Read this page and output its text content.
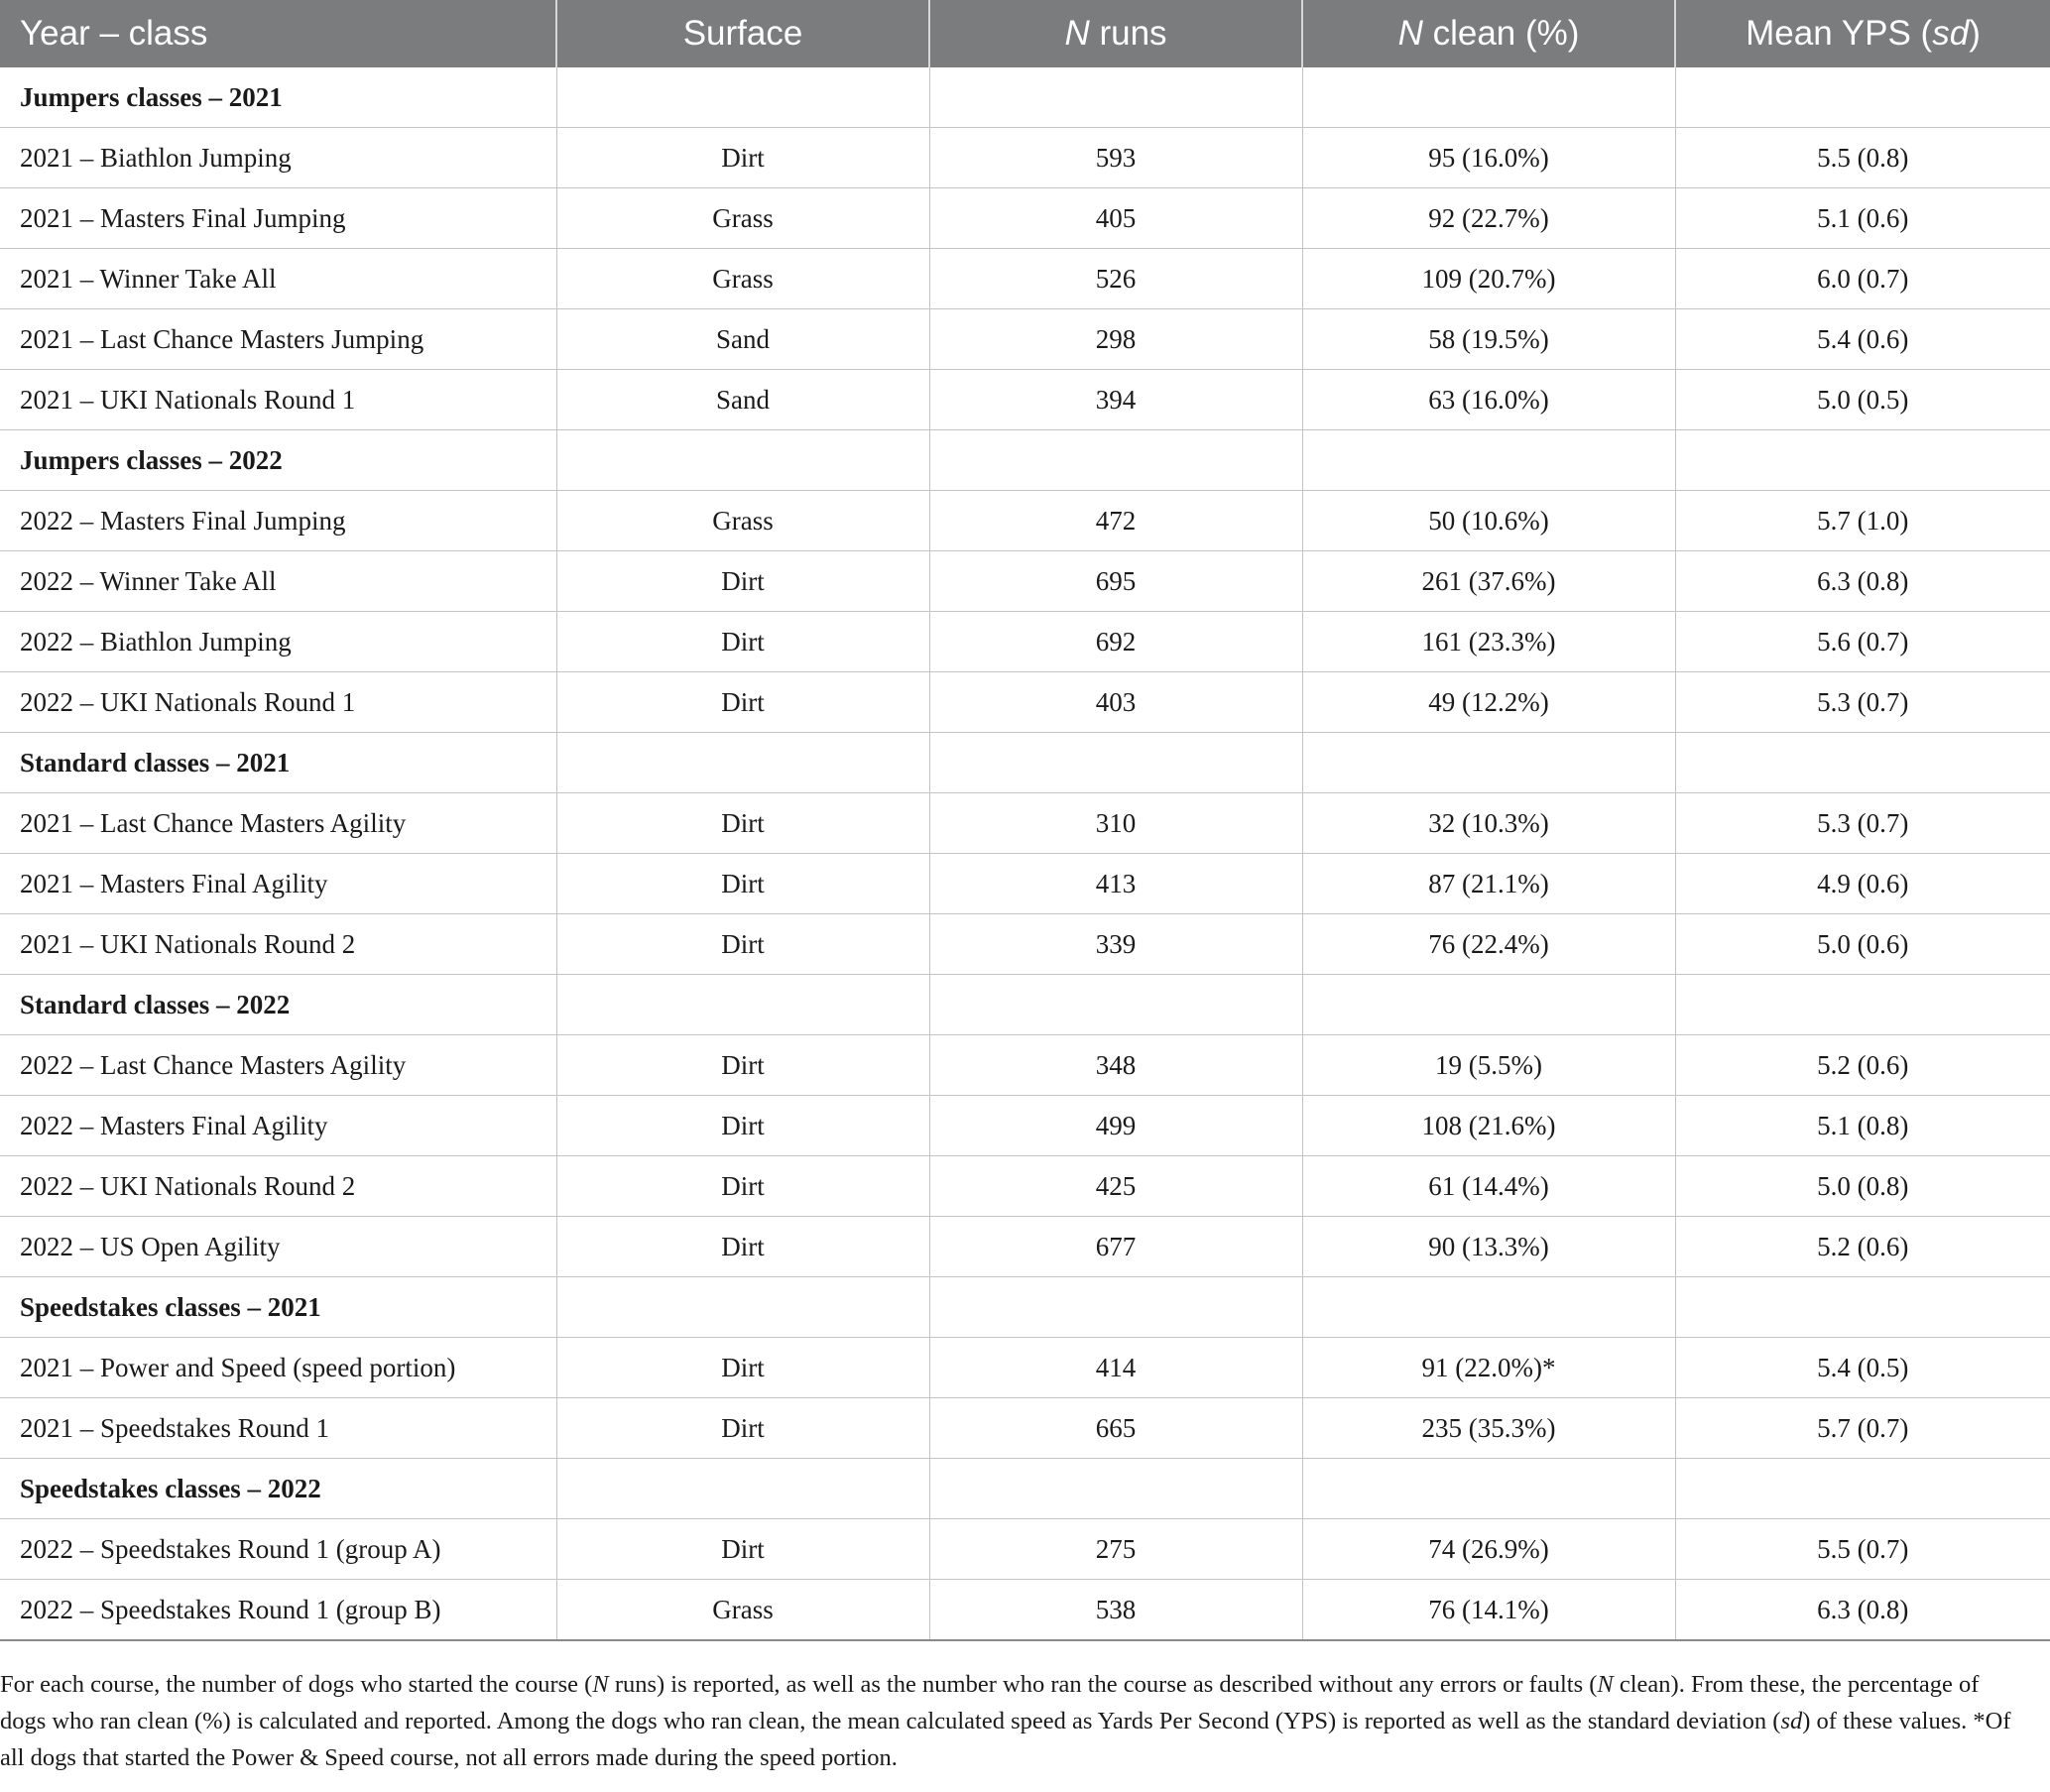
Year – class	Surface	N runs	N clean (%)	Mean YPS (sd)
Jumpers classes – 2021				
2021 – Biathlon Jumping	Dirt	593	95 (16.0%)	5.5 (0.8)
2021 – Masters Final Jumping	Grass	405	92 (22.7%)	5.1 (0.6)
2021 – Winner Take All	Grass	526	109 (20.7%)	6.0 (0.7)
2021 – Last Chance Masters Jumping	Sand	298	58 (19.5%)	5.4 (0.6)
2021 – UKI Nationals Round 1	Sand	394	63 (16.0%)	5.0 (0.5)
Jumpers classes – 2022				
2022 – Masters Final Jumping	Grass	472	50 (10.6%)	5.7 (1.0)
2022 – Winner Take All	Dirt	695	261 (37.6%)	6.3 (0.8)
2022 – Biathlon Jumping	Dirt	692	161 (23.3%)	5.6 (0.7)
2022 – UKI Nationals Round 1	Dirt	403	49 (12.2%)	5.3 (0.7)
Standard classes – 2021				
2021 – Last Chance Masters Agility	Dirt	310	32 (10.3%)	5.3 (0.7)
2021 – Masters Final Agility	Dirt	413	87 (21.1%)	4.9 (0.6)
2021 – UKI Nationals Round 2	Dirt	339	76 (22.4%)	5.0 (0.6)
Standard classes – 2022				
2022 – Last Chance Masters Agility	Dirt	348	19 (5.5%)	5.2 (0.6)
2022 – Masters Final Agility	Dirt	499	108 (21.6%)	5.1 (0.8)
2022 – UKI Nationals Round 2	Dirt	425	61 (14.4%)	5.0 (0.8)
2022 – US Open Agility	Dirt	677	90 (13.3%)	5.2 (0.6)
Speedstakes classes – 2021				
2021 – Power and Speed (speed portion)	Dirt	414	91 (22.0%)*	5.4 (0.5)
2021 – Speedstakes Round 1	Dirt	665	235 (35.3%)	5.7 (0.7)
Speedstakes classes – 2022				
2022 – Speedstakes Round 1 (group A)	Dirt	275	74 (26.9%)	5.5 (0.7)
2022 – Speedstakes Round 1 (group B)	Grass	538	76 (14.1%)	6.3 (0.8)

For each course, the number of dogs who started the course (N runs) is reported, as well as the number who ran the course as described without any errors or faults (N clean). From these, the percentage of dogs who ran clean (%) is calculated and reported. Among the dogs who ran clean, the mean calculated speed as Yards Per Second (YPS) is reported as well as the standard deviation (sd) of these values. *Of all dogs that started the Power & Speed course, not all errors made during the speed portion.
